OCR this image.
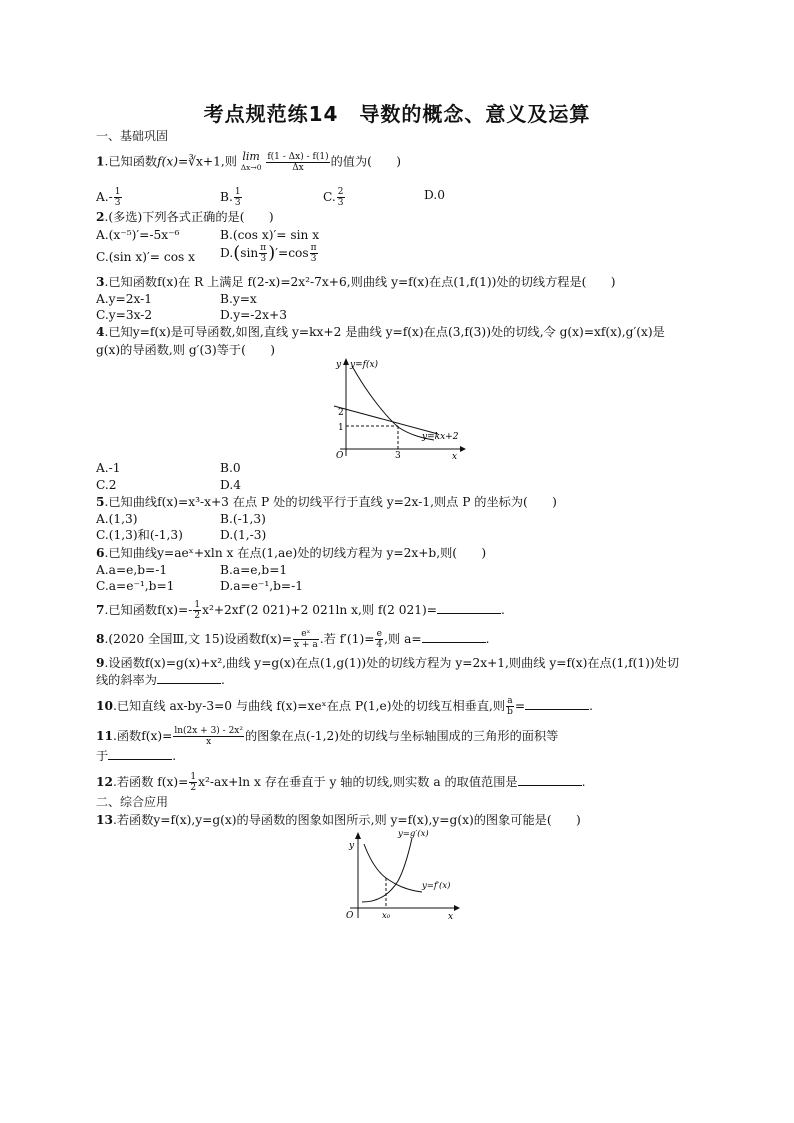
考点规范练14　导数的概念、意义及运算
一、基础巩固
1.已知函数f(x)=∛x+1,则 lim
Δx→0
$\frac{f(1 - \Delta x) - f(1)}{\Delta x}$ 的值为(　　)
$A.- \frac{1}{3}$	B. $\frac{1}{3}$	C. $\frac{2}{3}$	D.0
2.(多选)下列各式正确的是(　　)
A.(x⁻⁵)′=-5x⁻⁶	B.(cos x)′= sin x
C.(sin x)′= cos x $D.(\sin \frac{\pi}{3} )'=\cos \frac{\pi}{3}$
3.已知函数f(x)在 R 上满足 f(2-x)=2x²-7x+6,则曲线 y=f(x)在点(1,f(1))处的切线方程是(　　)
A.y=2x-1	B.y=x
C.y=3x-2	D.y=-2x+3
4.已知y=f(x)是可导函数,如图,直线 y=kx+2 是曲线 y=f(x)在点(3,f(3))处的切线,令 g(x)=xf(x),g′(x)是
g(x)的导函数,则 g′(3)等于(　　)
y y=f(x)
2
1
O	3
y=kx+2
x
A.-1	B.0
C.2	D.4
5.已知曲线f(x)=x³-x+3 在点 P 处的切线平行于直线 y=2x-1,则点 P 的坐标为(　　)
A.(1,3)	B.(-1,3)
C.(1,3)和(-1,3)	D.(1,-3)
6.已知曲线y=aeˣ+xln x 在点(1,ae)处的切线方程为 y=2x+b,则(　　)
A.a=e,b=-1	B.a=e,b=1
C.a=e⁻¹,b=1	D.a=e⁻¹,b=-1
7.已知函数$f(x)=- \frac{1}{2} x^2+2xf'(2$ 021)+2 021ln x,则 f(2 021)=	.
8.(2020 全国Ⅲ,文 15)设函数$f(x)= \frac{\text{eˣ}}{x + a}$ .若 $f'(1)= \frac{e}{4}$ ,则 a=	.
9.设函数f(x)=g(x)+x²,曲线 y=g(x)在点(1,g(1))处的切线方程为 y=2x+1,则曲线 y=f(x)在点(1,f(1))处切
线的斜率为	.
10.已知直线 ax-by-3=0 与曲线 f(x)=xeˣ在点 P(1,e)处的切线互相垂直,则 $\frac{a}{b}$ =	.
11.函数$f(x)= \frac{\text{ln(2x + 3) - 2x²}}{x}$ 的图象在点(-1,2)处的切线与坐标轴围成的三角形的面积等
于	.
12.若函数 $f(x)= \frac{1}{2} x^2-ax+\ln$ x 存在垂直于 y 轴的切线,则实数 a 的取值范围是	.
二、综合应用
13.若函数y=f(x),y=g(x)的导函数的图象如图所示,则 y=f(x),y=g(x)的图象可能是(　　)
y=g′(x)
y=f′(x)
y
O	x₀	x
